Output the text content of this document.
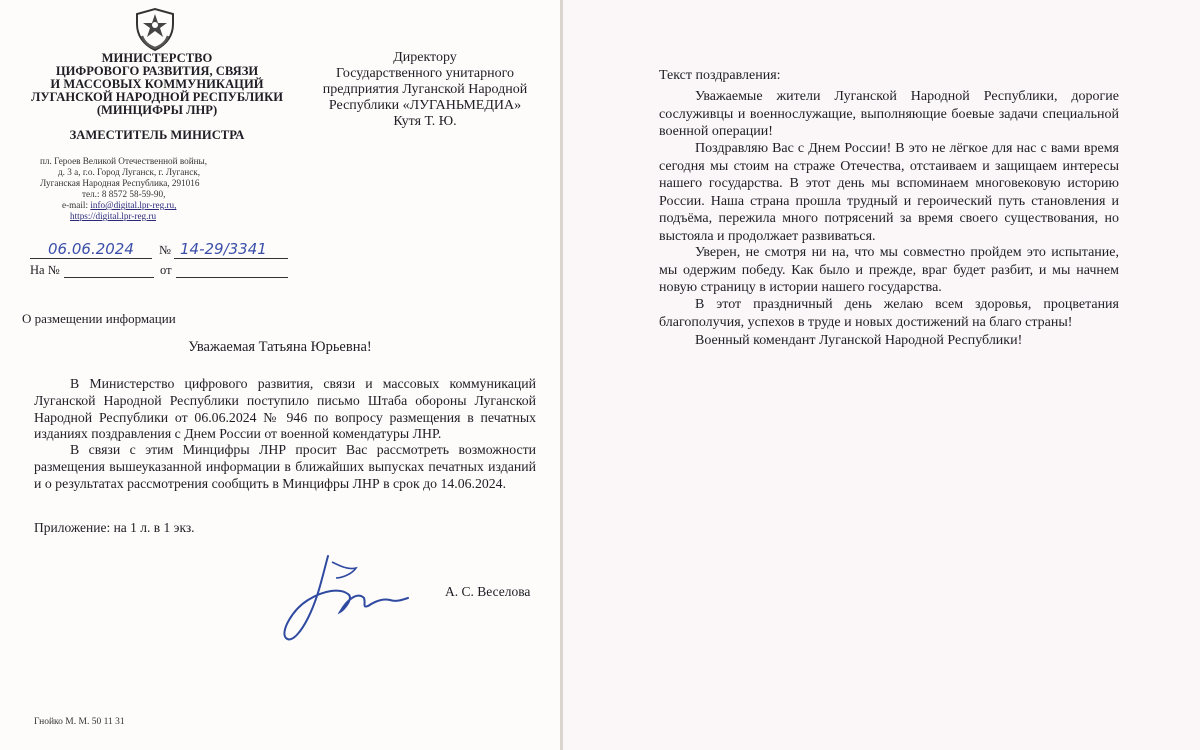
МИНИСТЕРСТВО
ЦИФРОВОГО РАЗВИТИЯ, СВЯЗИ
И МАССОВЫХ КОММУНИКАЦИЙ
ЛУГАНСКОЙ НАРОДНОЙ РЕСПУБЛИКИ
(МИНЦИФРЫ ЛНР)
ЗАМЕСТИТЕЛЬ МИНИСТРА
пл. Героев Великой Отечественной войны,
д. 3 а, г.о. Город Луганск, г. Луганск,
Луганская Народная Республика, 291016
тел.: 8 8572 58-59-90,
e-mail: info@digital.lpr-reg.ru,
https://digital.lpr-reg.ru
Директору
Государственного унитарного
предприятия Луганской Народной
Республики «ЛУГАНЬМЕДИА»
Кутя Т. Ю.
06.06.2024 № 14-29/3341
На №	от
О размещении информации
Уважаемая Татьяна Юрьевна!
В Министерство цифрового развития, связи и массовых коммуникаций Луганской Народной Республики поступило письмо Штаба обороны Луганской Народной Республики от 06.06.2024 № 946 по вопросу размещения в печатных изданиях поздравления с Днем России от военной комендатуры ЛНР.
В связи с этим Минцифры ЛНР просит Вас рассмотреть возможности размещения вышеуказанной информации в ближайших выпусках печатных изданий и о результатах рассмотрения сообщить в Минцифры ЛНР в срок до 14.06.2024.
Приложение: на 1 л. в 1 экз.
А. С. Веселова
Гнойко М. М. 50 11 31
Текст поздравления:
Уважаемые жители Луганской Народной Республики, дорогие сослуживцы и военнослужащие, выполняющие боевые задачи специальной военной операции!
Поздравляю Вас с Днем России! В это не лёгкое для нас с вами время сегодня мы стоим на страже Отечества, отстаиваем и защищаем интересы нашего государства. В этот день мы вспоминаем многовековую историю России. Наша страна прошла трудный и героический путь становления и подъёма, пережила много потрясений за время своего существования, но выстояла и продолжает развиваться.
Уверен, не смотря ни на, что мы совместно пройдем это испытание, мы одержим победу. Как было и прежде, враг будет разбит, и мы начнем новую страницу в истории нашего государства.
В этот праздничный день желаю всем здоровья, процветания благополучия, успехов в труде и новых достижений на благо страны!
Военный комендант Луганской Народной Республики!
